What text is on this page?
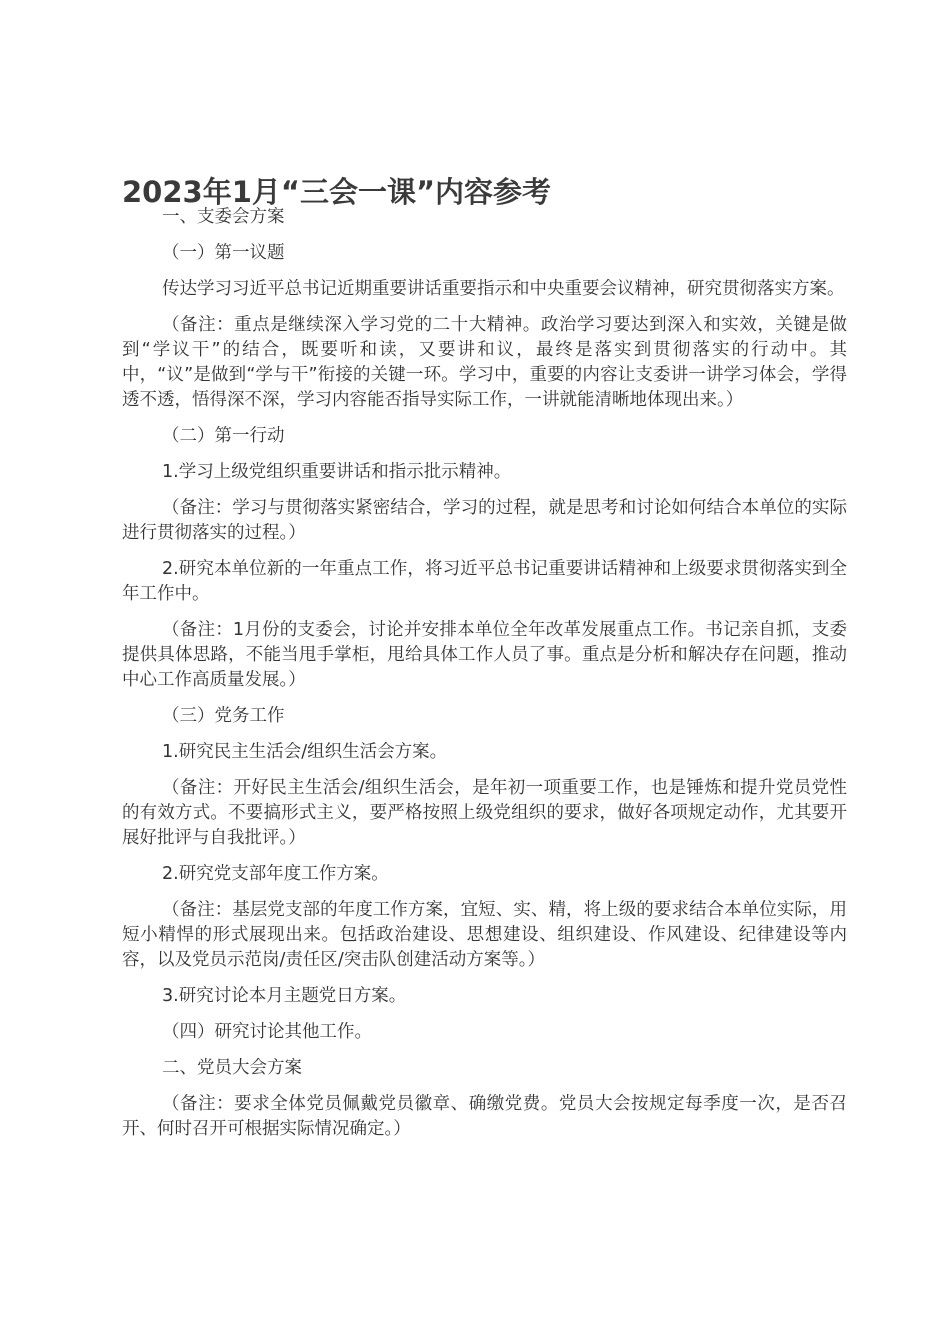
2023年1月“三会一课”内容参考

一、支委会方案

（一）第一议题

传达学习习近平总书记近期重要讲话重要指示和中央重要会议精神，研究贯彻落实方案。

（备注：重点是继续深入学习党的二十大精神。政治学习要达到深入和实效，关键是做到“学议干”的结合，既要听和读，又要讲和议，最终是落实到贯彻落实的行动中。其中，“议”是做到“学与干”衔接的关键一环。学习中，重要的内容让支委讲一讲学习体会，学得透不透，悟得深不深，学习内容能否指导实际工作，一讲就能清晰地体现出来。）

（二）第一行动

1.学习上级党组织重要讲话和指示批示精神。

（备注：学习与贯彻落实紧密结合，学习的过程，就是思考和讨论如何结合本单位的实际进行贯彻落实的过程。）

2.研究本单位新的一年重点工作，将习近平总书记重要讲话精神和上级要求贯彻落实到全年工作中。

（备注：1月份的支委会，讨论并安排本单位全年改革发展重点工作。书记亲自抓，支委提供具体思路，不能当甩手掌柜，甩给具体工作人员了事。重点是分析和解决存在问题，推动中心工作高质量发展。）

（三）党务工作

1.研究民主生活会/组织生活会方案。

（备注：开好民主生活会/组织生活会，是年初一项重要工作，也是锤炼和提升党员党性的有效方式。不要搞形式主义，要严格按照上级党组织的要求，做好各项规定动作，尤其要开展好批评与自我批评。）

2.研究党支部年度工作方案。

（备注：基层党支部的年度工作方案，宜短、实、精，将上级的要求结合本单位实际，用短小精悍的形式展现出来。包括政治建设、思想建设、组织建设、作风建设、纪律建设等内容，以及党员示范岗/责任区/突击队创建活动方案等。）

3.研究讨论本月主题党日方案。

（四）研究讨论其他工作。

二、党员大会方案

（备注：要求全体党员佩戴党员徽章、确缴党费。党员大会按规定每季度一次，是否召开、何时召开可根据实际情况确定。）
